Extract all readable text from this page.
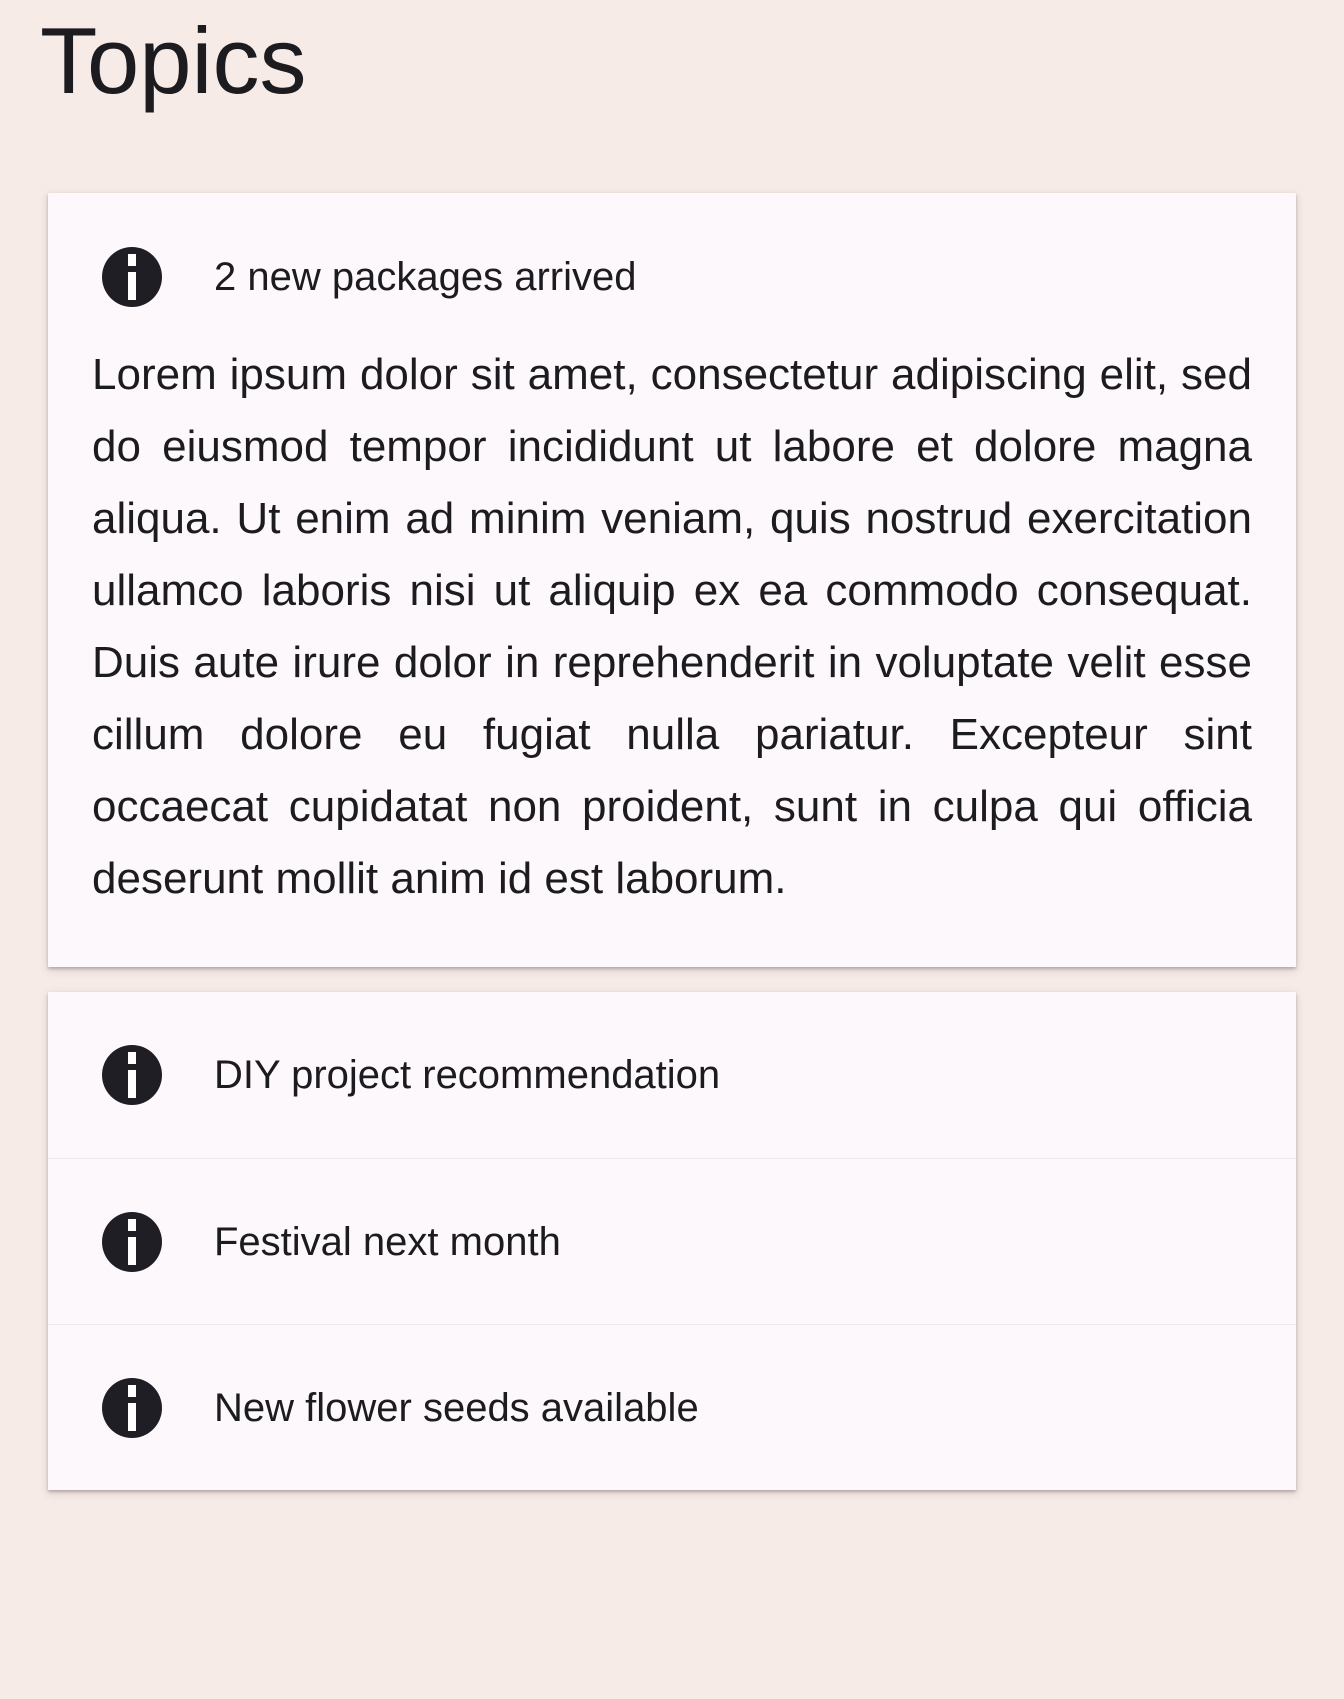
Topics
2 new packages arrived

Lorem ipsum dolor sit amet, consectetur adipiscing elit, sed do eiusmod tempor incididunt ut labore et dolore magna aliqua. Ut enim ad minim veniam, quis nostrud exercitation ullamco laboris nisi ut aliquip ex ea commodo consequat. Duis aute irure dolor in reprehenderit in voluptate velit esse cillum dolore eu fugiat nulla pariatur. Excepteur sint occaecat cupidatat non proident, sunt in culpa qui officia deserunt mollit anim id est laborum.

DIY project recommendation
Festival next month
New flower seeds available
